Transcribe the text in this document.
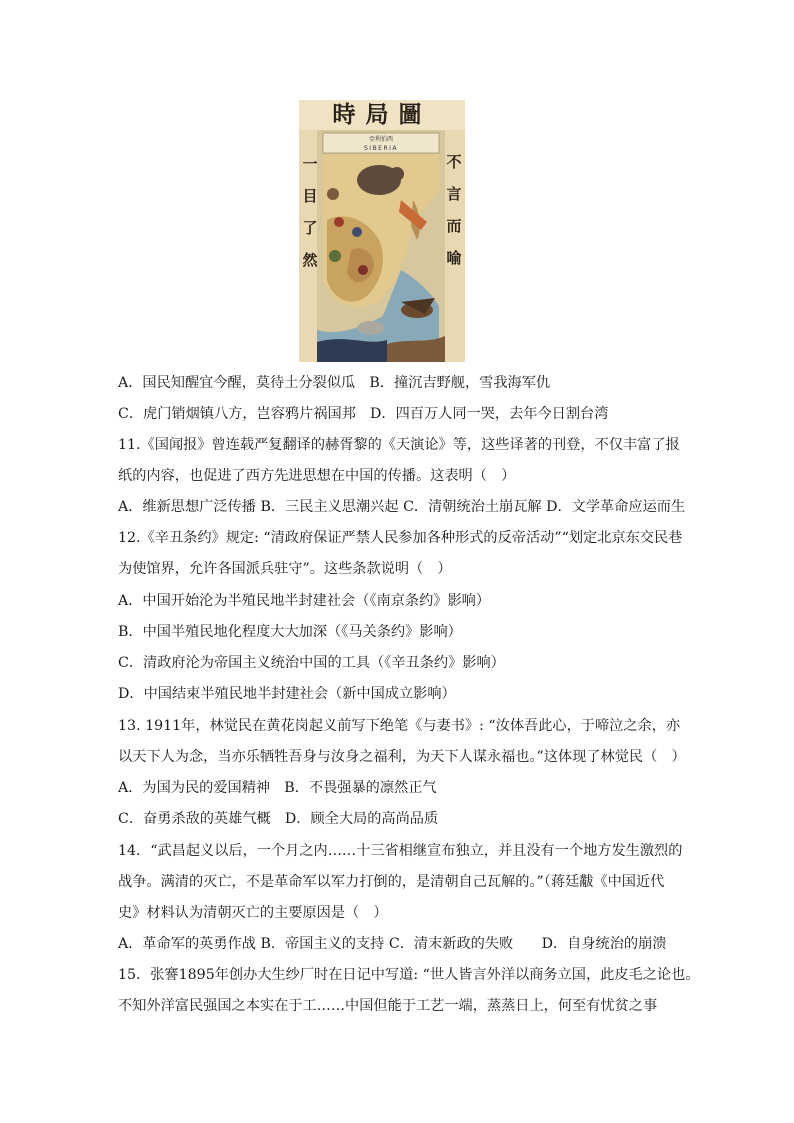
時局圖
一
目
了
然
不
言
而
喻
亞利伯西
SIBERIA
A．国民知醒宜今醒，莫待土分裂似瓜　B．撞沉吉野舰，雪我海军仇
C．虎门销烟镇八方，岂容鸦片祸国邦　D．四百万人同一哭，去年今日割台湾
11.《国闻报》曾连载严复翻译的赫胥黎的《天演论》等，这些译著的刊登，不仅丰富了报
纸的内容，也促进了西方先进思想在中国的传播。这表明（　）
A．维新思想广泛传播 B．三民主义思潮兴起 C．清朝统治土崩瓦解 D．文学革命应运而生
12.《辛丑条约》规定: “清政府保证严禁人民参加各种形式的反帝活动”“划定北京东交民巷
为使馆界，允许各国派兵驻守”。这些条款说明（　）
A．中国开始沦为半殖民地半封建社会（《南京条约》影响）
B．中国半殖民地化程度大大加深（《马关条约》影响）
C．清政府沦为帝国主义统治中国的工具（《辛丑条约》影响）
D．中国结束半殖民地半封建社会（新中国成立影响）
13. 1911年，林觉民在黄花岗起义前写下绝笔《与妻书》: “汝体吾此心，于啼泣之余，亦
以天下人为念，当亦乐牺牲吾身与汝身之福利，为天下人谋永福也。”这体现了林觉民（　）
A．为国为民的爱国精神　B．不畏强暴的凛然正气
C．奋勇杀敌的英雄气概　D．顾全大局的高尚品质
14．“武昌起义以后，一个月之内……十三省相继宣布独立，并且没有一个地方发生激烈的
战争。满清的灭亡，不是革命军以军力打倒的，是清朝自己瓦解的。”（蒋廷黻《中国近代
史》材料认为清朝灭亡的主要原因是（　）
A．革命军的英勇作战 B．帝国主义的支持 C．清末新政的失败　　D．自身统治的崩溃
15．张謇1895年创办大生纱厂时在日记中写道: “世人皆言外洋以商务立国，此皮毛之论也。
不知外洋富民强国之本实在于工……中国但能于工艺一端，蒸蒸日上，何至有忧贫之事
